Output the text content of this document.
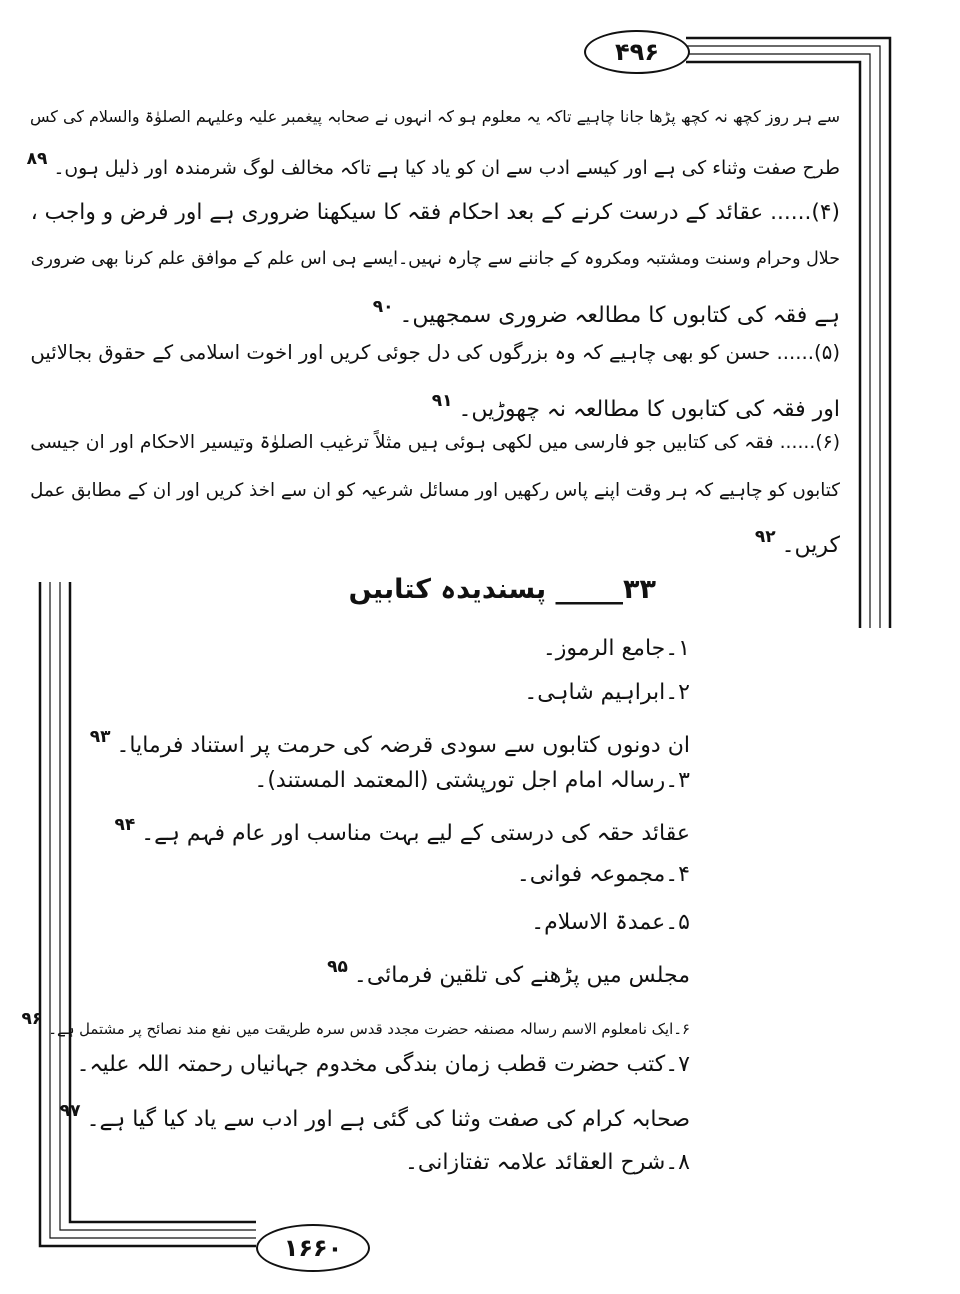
۴۹۶
سے ہر روز کچھ نہ کچھ پڑھا جانا چاہیے تاکہ یہ معلوم ہو کہ انہوں نے صحابہ پیغمبر علیہ وعلیہم الصلوٰۃ والسلام کی کس
طرح صفت وثناء کی ہے اور کیسے ادب سے ان کو یاد کیا ہے تاکہ مخالف لوگ شرمندہ اور ذلیل ہوں۔۸۹
(۴)...... عقائد کے درست کرنے کے بعد احکام فقہ کا سیکھنا ضروری ہے اور فرض و واجب ،
حلال وحرام وسنت ومشتبہ ومکروہ کے جاننے سے چارہ نہیں۔ایسے ہی اس علم کے موافق علم کرنا بھی ضروری
ہے فقہ کی کتابوں کا مطالعہ ضروری سمجھیں۔$^{۹۰}$
(۵)...... حسن کو بھی چاہیے کہ وہ بزرگوں کی دل جوئی کریں اور اخوت اسلامی کے حقوق بجالائیں
اور فقہ کی کتابوں کا مطالعہ نہ چھوڑیں۔$^{۹۱}$
(۶)...... فقہ کی کتابیں جو فارسی میں لکھی ہوئی ہیں مثلاً ترغیب الصلوٰۃ وتیسیر الاحکام اور ان جیسی
کتابوں کو چاہیے کہ ہر وقت اپنے پاس رکھیں اور مسائل شرعیہ کو ان سے اخذ کریں اور ان کے مطابق عمل
کریں۔$^{۹۲}$
۳۳_____ پسندیدہ کتابیں
۱۔جامع الرموز۔
۲۔ابراہیم شاہی۔
ان دونوں کتابوں سے سودی قرضہ کی حرمت پر استناد فرمایا۔$^{۹۳}$
۳۔رسالہ امام اجل تورپشتی (المعتمد المستند)۔
عقائد حقہ کی درستی کے لیے بہت مناسب اور عام فہم ہے۔$^{۹۴}$
۴۔مجموعہ فوانی۔
۵۔عمدۃ الاسلام۔
مجلس میں پڑھنے کی تلقین فرمائی۔$^{۹۵}$
۶۔ایک نامعلوم الاسم رسالہ مصنفہ حضرت مجدد قدس سرہ طریقت میں نفع مند نصائح پر مشتمل ہے۔۹۶
۷۔کتب حضرت قطب زمان بندگی مخدوم جہانیاں رحمتہ اللہ علیہ۔
صحابہ کرام کی صفت وثنا کی گئی ہے اور ادب سے یاد کیا گیا ہے۔$^{۹۷}$
۸۔شرح العقائد علامہ تفتازانی۔
۱۶۶۰
